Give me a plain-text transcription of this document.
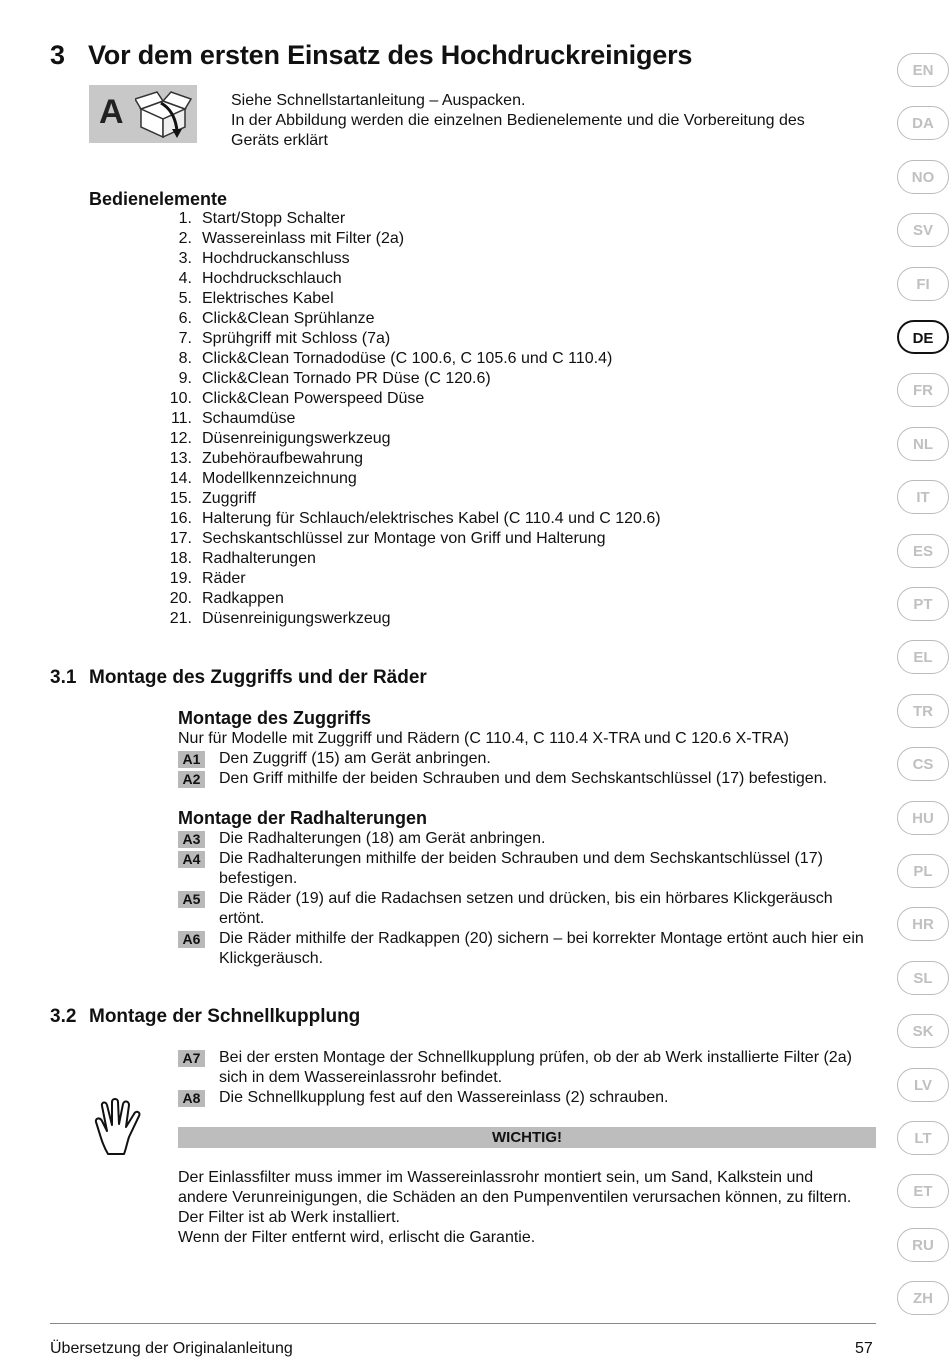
3 Vor dem ersten Einsatz des Hochdruckreinigers
A	Siehe Schnellstartanleitung – Auspacken.

In der Abbildung werden die einzelnen Bedienelemente und die Vorbereitung des Geräts erklärt

Bedienelemente
1. Start/Stopp Schalter
2. Wassereinlass mit Filter (2a)
3. Hochdruckanschluss
4. Hochdruckschlauch
5. Elektrisches Kabel
6. Click&Clean Sprühlanze
7. Sprühgriff mit Schloss (7a)
8. Click&Clean Tornadodüse (C 100.6, C 105.6 und C 110.4)
9. Click&Clean Tornado PR Düse (C 120.6)
10. Click&Clean Powerspeed Düse
11. Schaumdüse
12. Düsenreinigungswerkzeug
13. Zubehöraufbewahrung
14. Modellkennzeichnung
15. Zuggriff
16. Halterung für Schlauch/elektrisches Kabel (C 110.4 und C 120.6)
17. Sechskantschlüssel zur Montage von Griff und Halterung
18. Radhalterungen
19. Räder
20. Radkappen
21. Düsenreinigungswerkzeug
3.1 Montage des Zuggriffs und der Räder
Montage des Zuggriffs
Nur für Modelle mit Zuggriff und Rädern (C 110.4, C 110.4 X-TRA und C 120.6 X-TRA)
A1 Den Zuggriff (15) am Gerät anbringen.
A2 Den Griff mithilfe der beiden Schrauben und dem Sechskantschlüssel (17) befestigen.
Montage der Radhalterungen
A3 Die Radhalterungen (18) am Gerät anbringen.
A4 Die Radhalterungen mithilfe der beiden Schrauben und dem Sechskantschlüssel (17) befestigen.
A5 Die Räder (19) auf die Radachsen setzen und drücken, bis ein hörbares Klickgeräusch ertönt.
A6 Die Räder mithilfe der Radkappen (20) sichern – bei korrekter Montage ertönt auch hier ein Klickgeräusch.
3.2 Montage der Schnellkupplung
A7 Bei der ersten Montage der Schnellkupplung prüfen, ob der ab Werk installierte Filter (2a) sich in dem Wassereinlassrohr befindet.
A8 Die Schnellkupplung fest auf den Wassereinlass (2) schrauben.
WICHTIG!
Der Einlassfilter muss immer im Wassereinlassrohr montiert sein, um Sand, Kalkstein und andere Verunreinigungen, die Schäden an den Pumpenventilen verursachen können, zu filtern. Der Filter ist ab Werk installiert.
Wenn der Filter entfernt wird, erlischt die Garantie.
EN
DA
NO
SV
FI
DE
FR
NL
IT
ES
PT
EL
TR
CS
HU
PL
HR
SL
SK
LV
LT
ET
RU
ZH
Übersetzung der Originalanleitung	57
